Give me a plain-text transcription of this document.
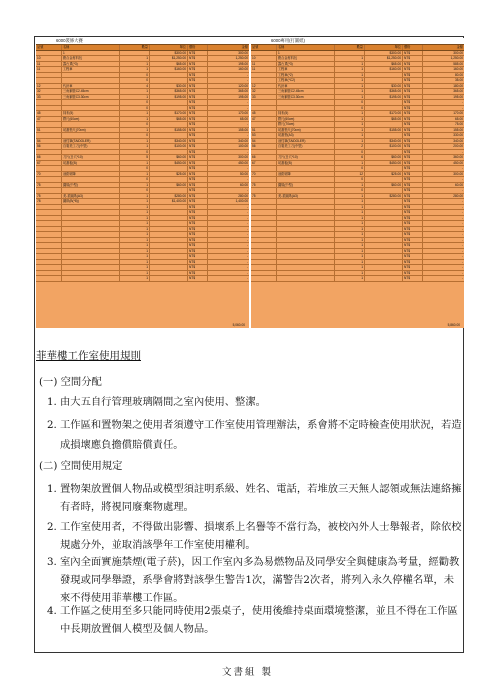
6000裝修大賽
品號	名稱	數量	單位 價格	金額
1	$300.00 NT$	300.00
10	鋁合金材料包	1	$1,250.00 NT$	1,250.00
11	露台貨(*3)	1	$65.00 NT$	195.00
11	工程車	1	$160.00 NT$	160.00
0	NT$	-
0	NT$	-
12	代針車	4	$30.00 NT$	120.00
32	三角銅管C2.45cm	1	$365.00 NT$	365.00
33	三角銅管C3.30cm	1	$195.00 NT$	195.00
0	NT$	-
0	NT$	-
45	抹布(5)	1	$170.00 NT$	170.00
47	膠尺(60cm)	1	$65.00 NT$	65.00
0	NT$	-
51	切割墊尺(70cm)	1	$155.00 NT$	155.00
0	NT$	-
54	油性筆(TAIDOLER)	1	$340.00 NT$	340.00
56	自黏美工刀(中型)	1	$100.00 NT$	100.00
0	NT$	-
66	刀片(日穴*10)	5	$60.00 NT$	300.00
67	切割板(B)	1	$450.00 NT$	450.00
0	NT$	-
70	油鉛刷筆	1	$25.00 NT$	50.00
0	NT$	-
75	圓規(中型)	1	$60.00 NT$	60.00
0	NT$	-
75	美-星圖紙(A3)	1	$280.00 NT$	280.00
78	圖紙(B(*8))	1	$1,400.00 NT$	1,400.00
1	NT$	-
1	NT$	-
1	NT$	-
1	NT$	-
1	NT$	-
1	NT$	-
1	NT$	-
1	NT$	-
1	NT$	-
1	NT$	-
1	NT$	-
1	NT$	-
1	NT$	-
1	NT$	-
5,060.00
6000專用(打圓紙)
品號	名稱	數量	單位 價格	金額
1	$300.00 NT$	300.00
10	鋁合金材料包	1	$1,250.00 NT$	1,250.00
11	露台貨(*3)	1	$65.00 NT$	585.00
11	工程車	1	$160.00 NT$	160.00
工程車(*2)	1	NT$	80.00
工程車(*C2)	1	NT$	35.00
12	代針車	1	$30.00 NT$	180.00
32	三角銅管C2.45cm	1	$365.00 NT$	365.00
33	三角銅管C3.30cm	1	$195.00 NT$	195.00
0	NT$	-
0	NT$	-
45	抹布(5)	1	$170.00 NT$	170.00
47	膠尺(60cm)	1	$65.00 NT$	65.00
膠尺(70cm)	1	NT$	75.00
51	切割墊尺(70cm)	1	$155.00 NT$	155.00
53	切割墊(A3)	1	NT$	330.00
54	油性筆(TAIDOLER)	1	$340.00 NT$	340.00
56	自黏美工刀(中型)	2	$100.00 NT$	200.00
0	NT$	-
66	刀片(日穴*10)	6	$60.00 NT$	360.00
67	切割板(B)	1	$450.00 NT$	450.00
0	NT$	-
70	油鉛刷筆	12	$25.00 NT$	300.00
0	NT$	-
75	圓規(中型)	1	$60.00 NT$	60.00
0	NT$	-
75	美-星圖紙(A3)	1	$280.00 NT$	280.00
1	NT$	-
1	NT$	-
1	NT$	-
1	NT$	-
1	NT$	-
1	NT$	-
1	NT$	-
1	NT$	-
1	NT$	-
1	NT$	-
1	NT$	-
1	NT$	-
1	NT$	-
1	NT$	-
1	NT$	-
5,860.00
菲華樓工作室使用規則
(一) 空間分配
1. 由大五自行管理玻璃隔間之室內使用、整潔。
2. 工作區和置物架之使用者須遵守工作室使用管理辦法，系會將不定時檢查使用狀況，若造成損壞應負擔償賠償責任。
(二) 空間使用規定
1. 置物架放置個人物品或模型須註明系級、姓名、電話，若堆放三天無人認領或無法連絡擁有者時，將視同廢棄物處理。
2. 工作室使用者，不得做出影響、損壞系上名譽等不當行為，被校內外人士舉報者，除依校規處分外，並取消該學年工作室使用權利。
3. 室內全面實施禁煙(電子菸)，因工作室內多為易燃物品及同學安全與健康為考量，經勸教發現或同學舉證，系學會將對該學生警告1次，滿警告2次者，將列入永久停權名單，未來不得使用菲華樓工作區。
4. 工作區之使用至多只能同時使用2張桌子，使用後維持桌面環境整潔，並且不得在工作區中長期放置個人模型及個人物品。
文書組 製
